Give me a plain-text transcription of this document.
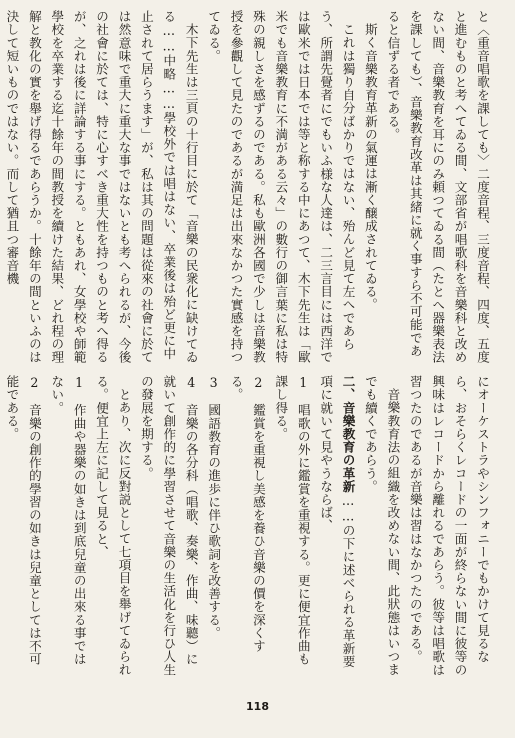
と〈重音唱歌を課しても〉二度音程、三度音程、四度、五度と進むものと考へてゐる間、文部省が唱歌科を音樂科と改めない間、音樂教育を耳にのみ頼つてゐる間（たとへ器樂表法を課しても）、音樂教育改革は其緒に就く事すら不可能であると信ずる者である。

斯く音樂教育革新の氣運は漸く醸成されてゐる。

これは獨り自分ばかりではない、殆んど見て左へであらう、所謂先覺者にでもいふ様な人達は、二三言目には西洋では歐米では日本では等と称する中にあつて、木下先生は「歐米でも音樂教育に不満がある云々」の數行の御言葉に私は特殊の親しさを感ずるのである。私も歐洲各國で少しは音樂教授を參觀して見たのであるが満足は出來なかつた實感を持つてゐる。

木下先生は三頁の十行目に於て「音樂の民衆化に缺けてゐる……中略……學校外では唱はない、卒業後は殆ど更に中止されて居らうます」が、私は其の問題は從來の社會に於ては然意味で重大に重大な事ではないとも考へられるが、今後の社會に於ては、特に心すべき重大性を持つものと考へ得るが、之れは後に詳論する事にする。ともあれ、女學校や師範學校を卒業する迄十餘年の間教授を續けた結果、どれ程の理解と教化の實を舉げ得るであらうか。十餘年の間といふのは決して短いものではない。而して猶且つ審音機

にオーケストラやシンフォニーでもかけて見るなら、おそらくレコードの一面が終らない間に彼等の興味はレコードから離れるであらう。彼等は唱歌は習つたのであるが音樂は習はなかつたのである。

音樂教育法の組織を改めない間、此狀態はいつまでも續くであらう。

二、音樂教育の革新……の下に述べられる革新要項に就いて見やうならば、

1　唱歌の外に鑑賞を重視する。更に便宜作曲も課し得る。

2　鑑賞を重視し美感を養ひ音樂の價を深くする。

3　國語教育の進歩に伴ひ歌詞を改善する。

4　音樂の各分科（唱歌、奏樂、作曲、味聽）に就いて創作的に學習させて音樂の生活化を行ひ人生の發展を期する。

とあり、次に反對説として七項目を舉げてゐられる。便宜上左に記して見ると、

1　作曲や器樂の如きは到底兒童の出來る事ではない。

2　音樂の創作的學習の如きは兒童としては不可能である。

118
